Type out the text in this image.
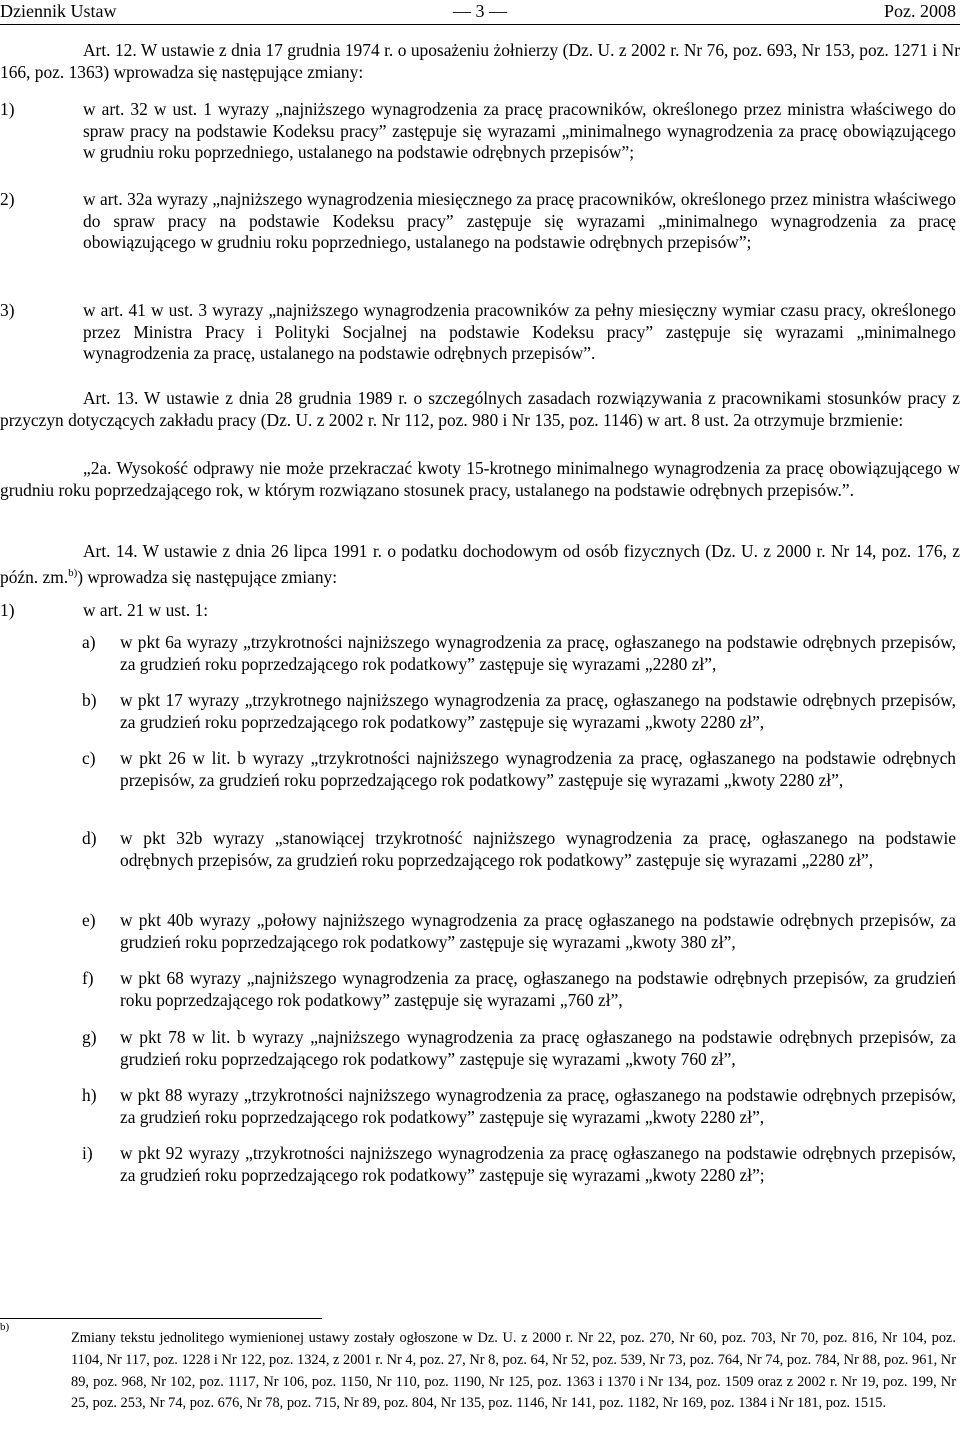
Dziennik Ustaw	— 3 —	Poz. 2008
Art. 12. W ustawie z dnia 17 grudnia 1974 r. o uposażeniu żołnierzy (Dz. U. z 2002 r. Nr 76, poz. 693, Nr 153, poz. 1271 i Nr 166, poz. 1363) wprowadza się następujące zmiany:
1)	w art. 32 w ust. 1 wyrazy „najniższego wynagrodzenia za pracę pracowników, określonego przez ministra właściwego do spraw pracy na podstawie Kodeksu pracy” zastępuje się wyrazami „minimalnego wynagrodzenia za pracę obowiązującego w grudniu roku poprzedniego, ustalanego na podstawie odrębnych przepisów”;
2)	w art. 32a wyrazy „najniższego wynagrodzenia miesięcznego za pracę pracowników, określonego przez ministra właściwego do spraw pracy na podstawie Kodeksu pracy” zastępuje się wyrazami „minimalnego wynagrodzenia za pracę obowiązującego w grudniu roku poprzedniego, ustalanego na podstawie odrębnych przepisów”;
3)	w art. 41 w ust. 3 wyrazy „najniższego wynagrodzenia pracowników za pełny miesięczny wymiar czasu pracy, określonego przez Ministra Pracy i Polityki Socjalnej na podstawie Kodeksu pracy” zastępuje się wyrazami „minimalnego wynagrodzenia za pracę, ustalanego na podstawie odrębnych przepisów”.
Art. 13. W ustawie z dnia 28 grudnia 1989 r. o szczególnych zasadach rozwiązywania z pracownikami stosunków pracy z przyczyn dotyczących zakładu pracy (Dz. U. z 2002 r. Nr 112, poz. 980 i Nr 135, poz. 1146) w art. 8 ust. 2a otrzymuje brzmienie:
„2a. Wysokość odprawy nie może przekraczać kwoty 15-krotnego minimalnego wynagrodzenia za pracę obowiązującego w grudniu roku poprzedzającego rok, w którym rozwiązano stosunek pracy, ustalanego na podstawie odrębnych przepisów.”.
Art. 14. W ustawie z dnia 26 lipca 1991 r. o podatku dochodowym od osób fizycznych (Dz. U. z 2000 r. Nr 14, poz. 176, z późn. zm.$^{b)}$) wprowadza się następujące zmiany:
1)	w art. 21 w ust. 1:
a) w pkt 6a wyrazy „trzykrotności najniższego wynagrodzenia za pracę, ogłaszanego na podstawie odrębnych przepisów, za grudzień roku poprzedzającego rok podatkowy” zastępuje się wyrazami „2280 zł”,
b) w pkt 17 wyrazy „trzykrotnego najniższego wynagrodzenia za pracę, ogłaszanego na podstawie odrębnych przepisów, za grudzień roku poprzedzającego rok podatkowy” zastępuje się wyrazami „kwoty 2280 zł”,
c) w pkt 26 w lit. b wyrazy „trzykrotności najniższego wynagrodzenia za pracę, ogłaszanego na podstawie odrębnych przepisów, za grudzień roku poprzedzającego rok podatkowy” zastępuje się wyrazami „kwoty 2280 zł”,
d) w pkt 32b wyrazy „stanowiącej trzykrotność najniższego wynagrodzenia za pracę, ogłaszanego na podstawie odrębnych przepisów, za grudzień roku poprzedzającego rok podatkowy” zastępuje się wyrazami „2280 zł”,
e) w pkt 40b wyrazy „połowy najniższego wynagrodzenia za pracę ogłaszanego na podstawie odrębnych przepisów, za grudzień roku poprzedzającego rok podatkowy” zastępuje się wyrazami „kwoty 380 zł”,
f) w pkt 68 wyrazy „najniższego wynagrodzenia za pracę, ogłaszanego na podstawie odrębnych przepisów, za grudzień roku poprzedzającego rok podatkowy” zastępuje się wyrazami „760 zł”,
g) w pkt 78 w lit. b wyrazy „najniższego wynagrodzenia za pracę ogłaszanego na podstawie odrębnych przepisów, za grudzień roku poprzedzającego rok podatkowy” zastępuje się wyrazami „kwoty 760 zł”,
h) w pkt 88 wyrazy „trzykrotności najniższego wynagrodzenia za pracę, ogłaszanego na podstawie odrębnych przepisów, za grudzień roku poprzedzającego rok podatkowy” zastępuje się wyrazami „kwoty 2280 zł”,
i) w pkt 92 wyrazy „trzykrotności najniższego wynagrodzenia za pracę ogłaszanego na podstawie odrębnych przepisów, za grudzień roku poprzedzającego rok podatkowy” zastępuje się wyrazami „kwoty 2280 zł”;
b)
Zmiany tekstu jednolitego wymienionej ustawy zostały ogłoszone w Dz. U. z 2000 r. Nr 22, poz. 270, Nr 60, poz. 703, Nr 70, poz. 816, Nr 104, poz. 1104, Nr 117, poz. 1228 i Nr 122, poz. 1324, z 2001 r. Nr 4, poz. 27, Nr 8, poz. 64, Nr 52, poz. 539, Nr 73, poz. 764, Nr 74, poz. 784, Nr 88, poz. 961, Nr 89, poz. 968, Nr 102, poz. 1117, Nr 106, poz. 1150, Nr 110, poz. 1190, Nr 125, poz. 1363 i 1370 i Nr 134, poz. 1509 oraz z 2002 r. Nr 19, poz. 199, Nr 25, poz. 253, Nr 74, poz. 676, Nr 78, poz. 715, Nr 89, poz. 804, Nr 135, poz. 1146, Nr 141, poz. 1182, Nr 169, poz. 1384 i Nr 181, poz. 1515.
